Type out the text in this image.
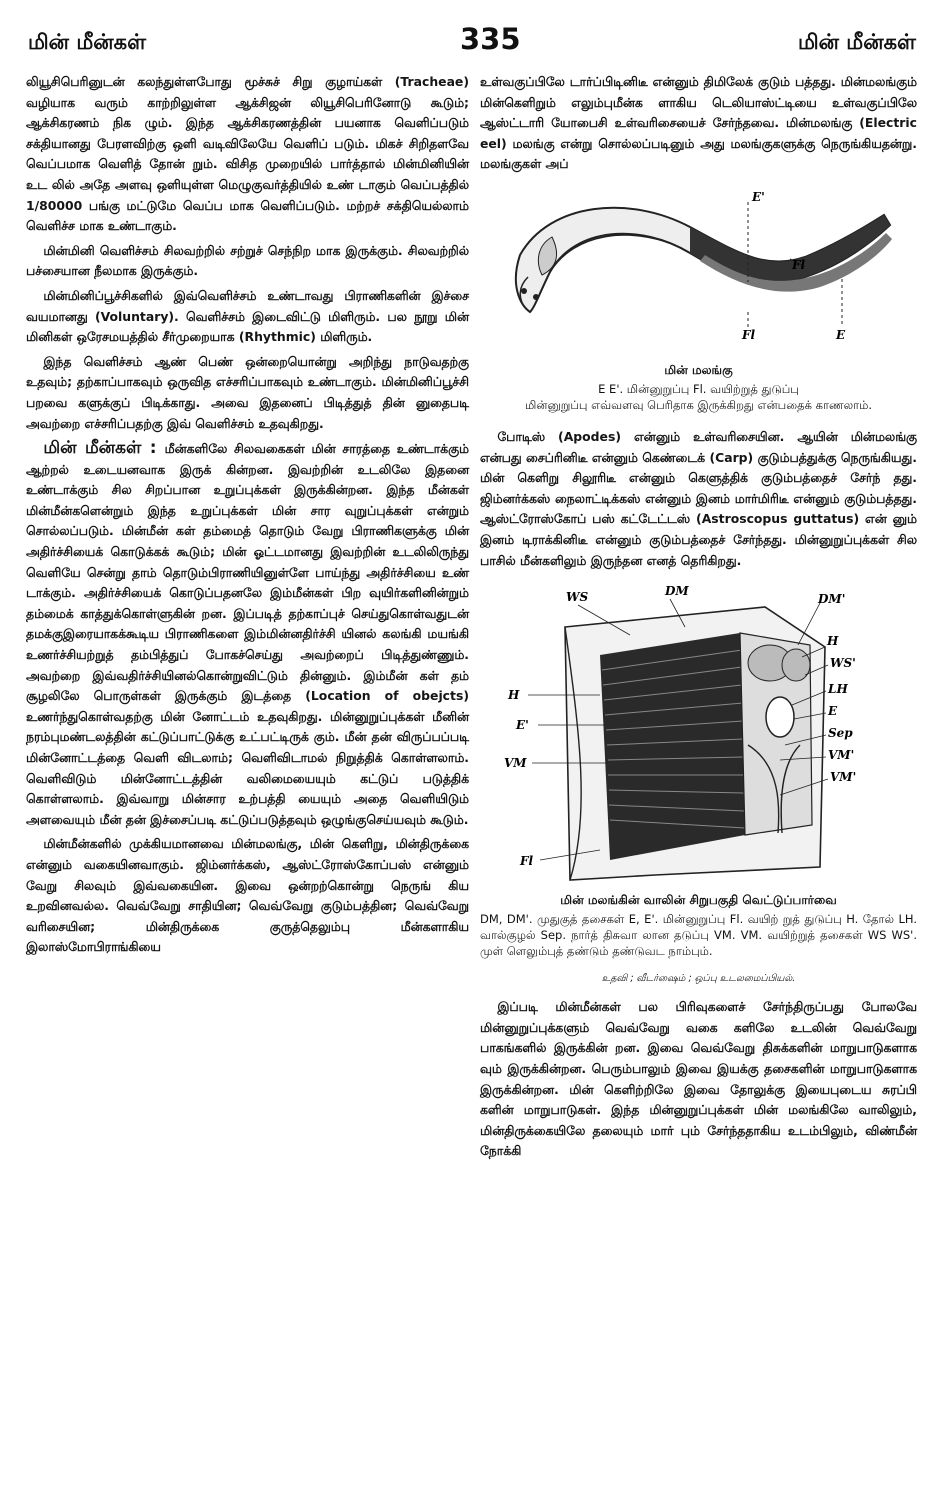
மின் மீன்கள்	335	மின் மீன்கள்

லியூசிபெரினுடன் கலந்துள்ளபோது மூச்சுச் சிறு குழாய்கள் (Tracheae) வழியாக வரும் காற்றிலுள்ள ஆக்சிஜன் லியூசிபெரினோடு கூடும்; ஆக்சிகரணம் நிக ழும். இந்த ஆக்சிகரணத்தின் பயனாக வெளிப்படும் சக்தியானது பேரளவிற்கு ஒளி வடிவிலேயே வெளிப் படும். மிகச் சிறிதளவே வெப்பமாக வெளித் தோன் றும். விசித முறையில் பார்த்தால் மின்மினியின் உட லில் அதே அளவு ஒளியுள்ள மெழுகுவர்த்தியில் உண் டாகும் வெப்பத்தில் 1/80000 பங்கு மட்டுமே வெப்ப மாக வெளிப்படும். மற்றச் சக்தியெல்லாம் வெளிச்ச மாக உண்டாகும்.

மின்மினி வெளிச்சம் சிலவற்றில் சற்றுச் செந்நிற மாக இருக்கும். சிலவற்றில் பச்சையான நீலமாக இருக்கும்.

மின்மினிப்பூச்சிகளில் இவ்வெளிச்சம் உண்டாவது பிராணிகளின் இச்சை வயமானது (Voluntary). வெளிச்சம் இடைவிட்டு மிளிரும். பல நூறு மின் மினிகள் ஒரேசமயத்தில் சீர்முறையாக (Rhythmic) மிளிரும்.

இந்த வெளிச்சம் ஆண் பெண் ஒன்றையொன்று அறிந்து நாடுவதற்கு உதவும்; தற்காப்பாகவும் ஒருவித எச்சரிப்பாகவும் உண்டாகும். மின்மினிப்பூச்சி பறவை களுக்குப் பிடிக்காது. அவை இதனைப் பிடித்துத் தின் னுதைபடி அவற்றை எச்சரிப்பதற்கு இவ் வெளிச்சம் உதவுகிறது.

மின் மீன்கள் : மீன்களிலே சிலவகைகள் மின் சாரத்தை உண்டாக்கும் ஆற்றல் உடையனவாக இருக் கின்றன. இவற்றின் உடலிலே இதனை உண்டாக்கும் சில சிறப்பான உறுப்புக்கள் இருக்கின்றன. இந்த மீன்கள் மின்மீன்களென்றும் இந்த உறுப்புக்கள் மின் சார வுறுப்புக்கள் என்றும் சொல்லப்படும். மின்மீன் கள் தம்மைத் தொடும் வேறு பிராணிகளுக்கு மின் அதிர்ச்சியைக் கொடுக்கக் கூடும்; மின் ஓட்டமானது இவற்றின் உடலிலிருந்து வெளியே சென்று தாம் தொடும்பிராணியினுள்ளே பாய்ந்து அதிர்ச்சியை உண் டாக்கும். அதிர்ச்சியைக் கொடுப்பதனலே இம்மீன்கள் பிற வுயிர்களினின்றும் தம்மைக் காத்துக்கொள்ளுகின் றன. இப்படித் தற்காப்புச் செய்துகொள்வதுடன் தமக்குஇரையாகக்கூடிய பிராணிகளை இம்மின்னதிர்ச்சி யினல் கலங்கி மயங்கி உணர்ச்சியற்றுத் தம்பித்துப் போகச்செய்து அவற்றைப் பிடித்துண்ணும். அவற்றை இவ்வதிர்ச்சியினல்கொன்றுவிட்டும் தின்னும். இம்மீன் கள் தம் சூழலிலே பொருள்கள் இருக்கும் இடத்தை (Location of obejcts) உணர்ந்துகொள்வதற்கு மின் னோட்டம் உதவுகிறது. மின்னுறுப்புக்கள் மீனின் நரம்புமண்டலத்தின் கட்டுப்பாட்டுக்கு உட்பட்டிருக் கும். மீன் தன் விருப்பப்படி மின்னோட்டத்தை வெளி விடலாம்; வெளிவிடாமல் நிறுத்திக் கொள்ளலாம். வெளிவிடும் மின்னோட்டத்தின் வலிமையையும் கட்டுப் படுத்திக் கொள்ளலாம். இவ்வாறு மின்சார உற்பத்தி யையும் அதை வெளியிடும் அளவையும் மீன் தன் இச்சைப்படி கட்டுப்படுத்தவும் ஒழுங்குசெய்யவும் கூடும்.

மின்மீன்களில் முக்கியமானவை மின்மலங்கு, மின் கெளிறு, மின்திருக்கை என்னும் வகையினவாகும். ஜிம்னர்க்கஸ், ஆஸ்ட்ரோஸ்கோப்பஸ் என்னும் வேறு சிலவும் இவ்வகையின. இவை ஒன்றற்கொன்று நெருங் கிய உறவினவல்ல. வெவ்வேறு சாதியின; வெவ்வேறு குடும்பத்தின; வெவ்வேறு வரிசையின; மின்திருக்கை குருத்தெலும்பு மீன்களாகிய இலாஸ்மோபிராங்கியை

உள்வகுப்பிலே டார்ப்பிடினிடீ என்னும் திமிலேக் குடும் பத்தது. மின்மலங்கும் மின்கெளிறும் எலும்புமீன்க ளாகிய டெலியாஸ்ட்டியை உள்வகுப்பிலே ஆஸ்ட்டாரி யோபைசி உள்வரிசையைச் சேர்ந்தவை. மின்மலங்கு (Electric eel) மலங்கு என்று சொல்லப்படினும் அது மலங்குகளுக்கு நெருங்கியதன்று. மலங்குகள் அப்

E'
Fl
Fl	E
மின் மலங்கு
E E'. மின்னுறுப்பு Fl. வயிற்றுத் துடுப்பு
மின்னுறுப்பு எவ்வளவு பெரிதாக இருக்கிறது என்பதைக் காணலாம்.

போடிஸ் (Apodes) என்னும் உள்வரிசையின. ஆயின் மின்மலங்கு என்பது சைப்ரினிடீ என்னும் கெண்டைக் (Carp) குடும்பத்துக்கு நெருங்கியது. மின் கெளிறு சிலூரிடீ என்னும் கெளுத்திக் குடும்பத்தைச் சேர்ந் தது. ஜிம்னர்க்கஸ் நைலாட்டிக்கஸ் என்னும் இனம் மார்மிரிடீ என்னும் குடும்பத்தது. ஆஸ்ட்ரோஸ்கோப் பஸ் கட்டேட்டஸ் (Astroscopus guttatus) என் னும் இனம் டிராக்கினிடீ என்னும் குடும்பத்தைச் சேர்ந்தது. மின்னுறுப்புக்கள் சில பாசில் மீன்களிலும் இருந்தன எனத் தெரிகிறது.

WS	DM
DM'
H
WS'
LH
E
Sep
VM'
VM'
H
E'
VM
Fl
மின் மலங்கின் வாலின் சிறுபகுதி வெட்டுப்பார்வை
DM, DM'. முதுகுத் தசைகள் E, E'. மின்னுறுப்பு Fl. வயிற் றுத் துடுப்பு H. தோல் LH. வால்குழல் Sep. நார்த் திசுவா லான தடுப்பு VM. VM. வயிற்றுத் தசைகள் WS WS'. முள் ளெலும்புத் தண்டும் தண்டுவட நாம்பும்.
உதவி ; வீடர்ஷைம் ; ஒப்பு உடலமைப்பியல்.

இப்படி மின்மீன்கள் பல பிரிவுகளைச் சேர்ந்திருப்பது போலவே மின்னுறுப்புக்களும் வெவ்வேறு வகை களிலே உடலின் வெவ்வேறு பாகங்களில் இருக்கின் றன. இவை வெவ்வேறு திசுக்களின் மாறுபாடுகளாக வும் இருக்கின்றன. பெரும்பாலும் இவை இயக்கு தசைகளின் மாறுபாடுகளாக இருக்கின்றன. மின் கெளிற்றிலே இவை தோலுக்கு இயைபுடைய சுரப்பி களின் மாறுபாடுகள். இந்த மின்னுறுப்புக்கள் மின் மலங்கிலே வாலிலும், மின்திருக்கையிலே தலையும் மார் பும் சேர்ந்ததாகிய உடம்பிலும், விண்மீன் நோக்கி
